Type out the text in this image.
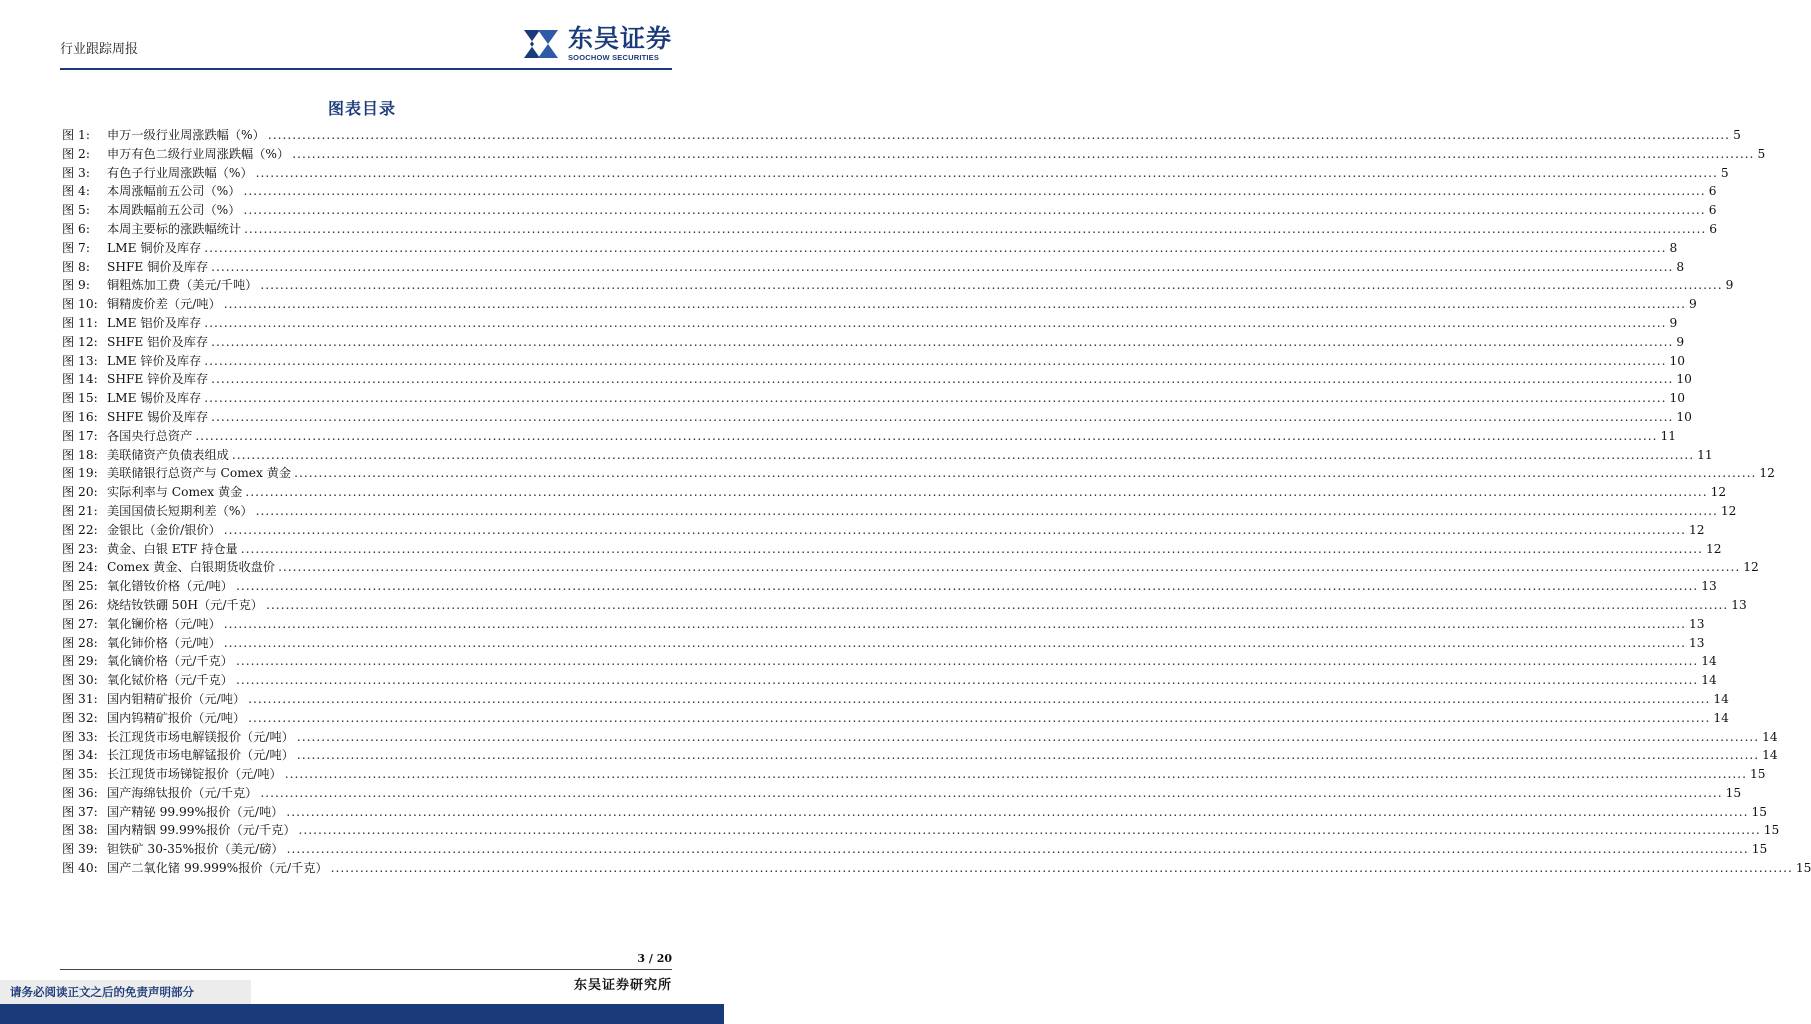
行业跟踪周报	东吴证券
SOOCHOW SECURITIES
图表目录
图 1:	申万一级行业周涨跌幅（%） ............................................................................................................................................................................................................................................................................................................ 5
图 2:	申万有色二级行业周涨跌幅（%） ............................................................................................................................................................................................................................................................................................................ 5
图 3:	有色子行业周涨跌幅（%） ............................................................................................................................................................................................................................................................................................................ 5
图 4:	本周涨幅前五公司（%） ............................................................................................................................................................................................................................................................................................................ 6
图 5:	本周跌幅前五公司（%） ............................................................................................................................................................................................................................................................................................................ 6
图 6:	本周主要标的涨跌幅统计 ............................................................................................................................................................................................................................................................................................................ 6
图 7:	LME 铜价及库存 ............................................................................................................................................................................................................................................................................................................ 8
图 8:	SHFE 铜价及库存 ............................................................................................................................................................................................................................................................................................................ 8
图 9:	铜粗炼加工费（美元/千吨） ............................................................................................................................................................................................................................................................................................................ 9
图 10: 铜精废价差（元/吨） ............................................................................................................................................................................................................................................................................................................ 9
图 11: LME 铝价及库存 ............................................................................................................................................................................................................................................................................................................ 9
图 12: SHFE 铝价及库存 ............................................................................................................................................................................................................................................................................................................ 9
图 13: LME 锌价及库存 ............................................................................................................................................................................................................................................................................................................ 10
图 14: SHFE 锌价及库存 ............................................................................................................................................................................................................................................................................................................ 10
图 15: LME 锡价及库存 ............................................................................................................................................................................................................................................................................................................ 10
图 16: SHFE 锡价及库存 ............................................................................................................................................................................................................................................................................................................ 10
图 17: 各国央行总资产 ............................................................................................................................................................................................................................................................................................................ 11
图 18: 美联储资产负债表组成 ............................................................................................................................................................................................................................................................................................................ 11
图 19: 美联储银行总资产与 Comex 黄金 ............................................................................................................................................................................................................................................................................................................ 12
图 20: 实际利率与 Comex 黄金 ............................................................................................................................................................................................................................................................................................................ 12
图 21: 美国国债长短期利差（%） ............................................................................................................................................................................................................................................................................................................ 12
图 22: 金银比（金价/银价） ............................................................................................................................................................................................................................................................................................................ 12
图 23: 黄金、白银 ETF 持仓量 ............................................................................................................................................................................................................................................................................................................ 12
图 24: Comex 黄金、白银期货收盘价 ............................................................................................................................................................................................................................................................................................................ 12
图 25: 氧化镨钕价格（元/吨） ............................................................................................................................................................................................................................................................................................................ 13
图 26: 烧结钕铁硼 50H（元/千克） ............................................................................................................................................................................................................................................................................................................ 13
图 27: 氧化镧价格（元/吨） ............................................................................................................................................................................................................................................................................................................ 13
图 28: 氧化铈价格（元/吨） ............................................................................................................................................................................................................................................................................................................ 13
图 29: 氧化镝价格（元/千克） ............................................................................................................................................................................................................................................................................................................ 14
图 30: 氧化铽价格（元/千克） ............................................................................................................................................................................................................................................................................................................ 14
图 31: 国内钼精矿报价（元/吨） ............................................................................................................................................................................................................................................................................................................ 14
图 32: 国内钨精矿报价（元/吨） ............................................................................................................................................................................................................................................................................................................ 14
图 33: 长江现货市场电解镁报价（元/吨） ............................................................................................................................................................................................................................................................................................................ 14
图 34: 长江现货市场电解锰报价（元/吨） ............................................................................................................................................................................................................................................................................................................ 14
图 35: 长江现货市场锑锭报价（元/吨） ............................................................................................................................................................................................................................................................................................................ 15
图 36: 国产海绵钛报价（元/千克） ............................................................................................................................................................................................................................................................................................................ 15
图 37: 国产精铋 99.99%报价（元/吨） ............................................................................................................................................................................................................................................................................................................ 15
图 38: 国内精铟 99.99%报价（元/千克） ............................................................................................................................................................................................................................................................................................................ 15
图 39: 钽铁矿 30-35%报价（美元/磅） ............................................................................................................................................................................................................................................................................................................ 15
图 40: 国产二氧化锗 99.999%报价（元/千克） ............................................................................................................................................................................................................................................................................................................ 15
3 / 20
东吴证券研究所
请务必阅读正文之后的免责声明部分
